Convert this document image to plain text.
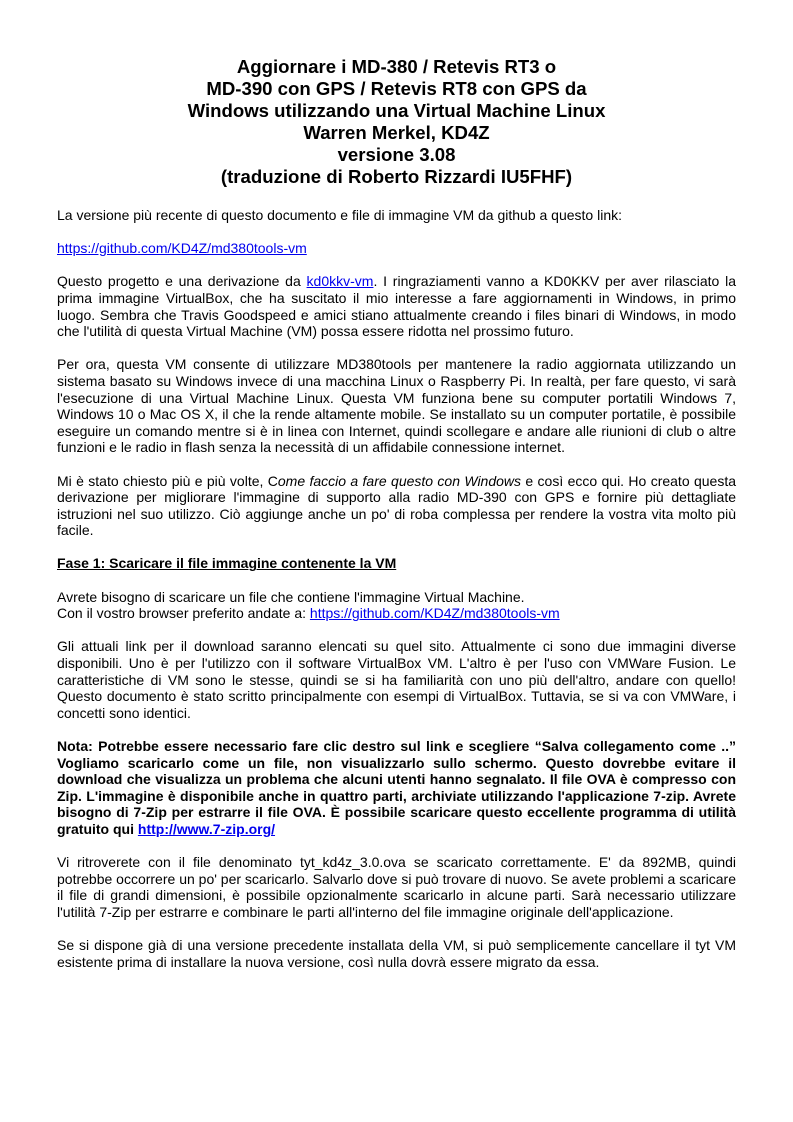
Aggiornare i MD-380 / Retevis RT3 o
MD-390 con GPS / Retevis RT8 con GPS da
Windows utilizzando una Virtual Machine Linux
Warren Merkel, KD4Z
versione 3.08
(traduzione di Roberto Rizzardi IU5FHF)

La versione più recente di questo documento e file di immagine VM da github a questo link:

https://github.com/KD4Z/md380tools-vm

Questo progetto e una derivazione da kd0kkv-vm. I ringraziamenti vanno a KD0KKV per aver rilasciato la prima immagine VirtualBox, che ha suscitato il mio interesse a fare aggiornamenti in Windows, in primo luogo. Sembra che Travis Goodspeed e amici stiano attualmente creando i files binari di Windows, in modo che l'utilità di questa Virtual Machine (VM) possa essere ridotta nel prossimo futuro.

Per ora, questa VM consente di utilizzare MD380tools per mantenere la radio aggiornata utilizzando un sistema basato su Windows invece di una macchina Linux o Raspberry Pi. In realtà, per fare questo, vi sarà l'esecuzione di una Virtual Machine Linux. Questa VM funziona bene su computer portatili Windows 7, Windows 10 o Mac OS X, il che la rende altamente mobile. Se installato su un computer portatile, è possibile eseguire un comando mentre si è in linea con Internet, quindi scollegare e andare alle riunioni di club o altre funzioni e le radio in flash senza la necessità di un affidabile connessione internet.

Mi è stato chiesto più e più volte, Come faccio a fare questo con Windows e così ecco qui. Ho creato questa derivazione per migliorare l'immagine di supporto alla radio MD-390 con GPS e fornire più dettagliate istruzioni nel suo utilizzo. Ciò aggiunge anche un po' di roba complessa per rendere la vostra vita molto più facile.

Fase 1: Scaricare il file immagine contenente la VM

Avrete bisogno di scaricare un file che contiene l'immagine Virtual Machine.
Con il vostro browser preferito andate a: https://github.com/KD4Z/md380tools-vm

Gli attuali link per il download saranno elencati su quel sito. Attualmente ci sono due immagini diverse disponibili. Uno è per l'utilizzo con il software VirtualBox VM. L'altro è per l'uso con VMWare Fusion. Le caratteristiche di VM sono le stesse, quindi se si ha familiarità con uno più dell'altro, andare con quello! Questo documento è stato scritto principalmente con esempi di VirtualBox. Tuttavia, se si va con VMWare, i concetti sono identici.

Nota: Potrebbe essere necessario fare clic destro sul link e scegliere “Salva collegamento come ..” Vogliamo scaricarlo come un file, non visualizzarlo sullo schermo. Questo dovrebbe evitare il download che visualizza un problema che alcuni utenti hanno segnalato. Il file OVA è compresso con Zip. L'immagine è disponibile anche in quattro parti, archiviate utilizzando l'applicazione 7-zip. Avrete bisogno di 7-Zip per estrarre il file OVA. È possibile scaricare questo eccellente programma di utilità gratuito qui http://www.7-zip.org/

Vi ritroverete con il file denominato tyt_kd4z_3.0.ova se scaricato correttamente. E' da 892MB, quindi potrebbe occorrere un po' per scaricarlo. Salvarlo dove si può trovare di nuovo. Se avete problemi a scaricare il file di grandi dimensioni, è possibile opzionalmente scaricarlo in alcune parti. Sarà necessario utilizzare l'utilità 7-Zip per estrarre e combinare le parti all'interno del file immagine originale dell'applicazione.

Se si dispone già di una versione precedente installata della VM, si può semplicemente cancellare il tyt VM esistente prima di installare la nuova versione, così nulla dovrà essere migrato da essa.
